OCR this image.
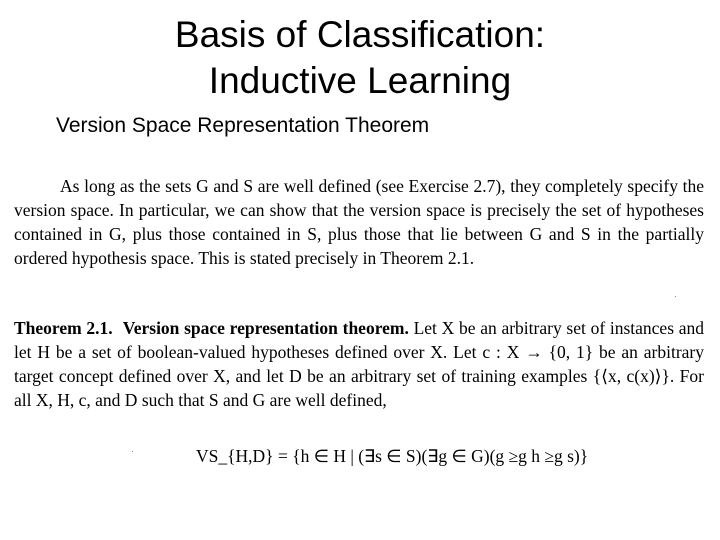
Basis of Classification:
Inductive Learning
Version Space Representation Theorem
As long as the sets G and S are well defined (see Exercise 2.7), they completely specify the version space. In particular, we can show that the version space is precisely the set of hypotheses contained in G, plus those contained in S, plus those that lie between G and S in the partially ordered hypothesis space. This is stated precisely in Theorem 2.1.
Theorem 2.1. Version space representation theorem. Let X be an arbitrary set of instances and let H be a set of boolean-valued hypotheses defined over X. Let c : X → {0, 1} be an arbitrary target concept defined over X, and let D be an arbitrary set of training examples {⟨x, c(x)⟩}. For all X, H, c, and D such that S and G are well defined,
VS_{H,D} = {h ∈ H | (∃s ∈ S)(∃g ∈ G)(g ≥g h ≥g s)}
